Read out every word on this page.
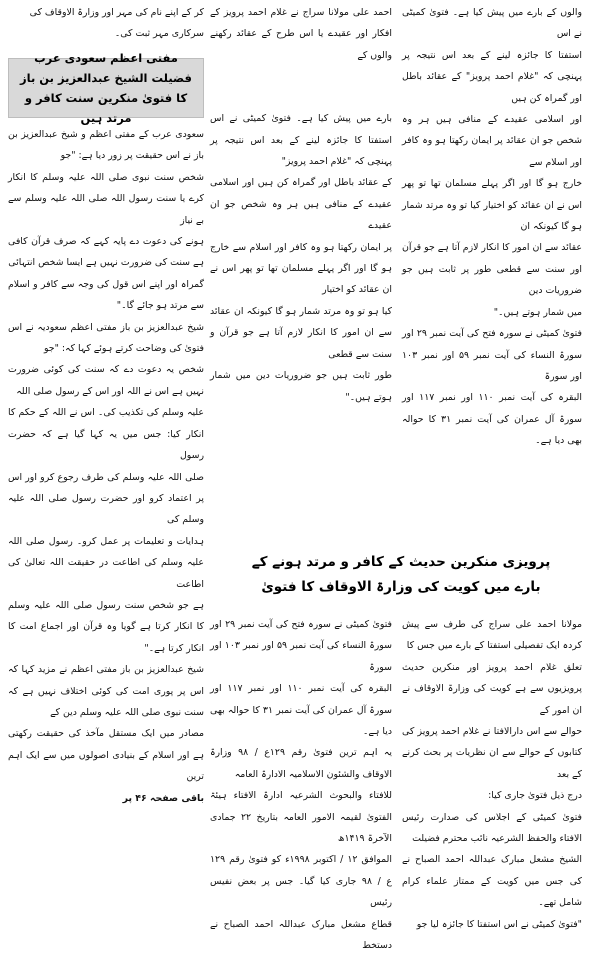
والوں کے بارے میں پیش کیا ہے۔ فتویٰ کمیٹی نے اس

استفتا کا جائزہ لینے کے بعد اس نتیجہ پر پہنچی کہ "غلام احمد پرویز" کے عقائد باطل اور گمراہ کن ہیں

اور اسلامی عقیدے کے منافی ہیں ہر وہ شخص جو ان عقائد پر ایمان رکھتا ہو وہ کافر اور اسلام سے

خارج ہو گا اور اگر پہلے مسلمان تھا تو پھر اس نے ان عقائد کو اختیار کیا تو وہ مرتد شمار ہو گا کیونکہ ان

عقائد سے ان امور کا انکار لازم آتا ہے جو قرآن اور سنت سے قطعی طور پر ثابت ہیں جو ضروریات دین

میں شمار ہوتے ہیں۔"

فتویٰ کمیٹی نے سورہ فتح کی آیت نمبر ۲۹ اور سورۃ النساء کی آیت نمبر ۵۹ اور نمبر ۱۰۳ اور سورۃ

البقرہ کی آیت نمبر ۱۱۰ اور نمبر ۱۱۷ اور سورۃ آل عمران کی آیت نمبر ۳۱ کا حوالہ بھی دیا ہے۔

احمد علی مولانا سراج نے غلام احمد پرویز کے افکار اور عقیدے یا اس طرح کے عقائد رکھنے والوں کے

بارے میں پیش کیا ہے۔ فتویٰ کمیٹی نے اس استفتا کا جائزہ لینے کے بعد اس نتیجہ پر پہنچی کہ "غلام احمد پرویز"

کے عقائد باطل اور گمراہ کن ہیں اور اسلامی عقیدے کے منافی ہیں ہر وہ شخص جو ان عقیدے

پر ایمان رکھتا ہو وہ کافر اور اسلام سے خارج ہو گا اور اگر پہلے مسلمان تھا تو پھر اس نے ان عقائد کو اختیار

کیا ہو تو وہ مرتد شمار ہو گا کیونکہ ان عقائد سے ان امور کا انکار لازم آتا ہے جو قرآن و سنت سے قطعی

طور ثابت ہیں جو ضروریات دین میں شمار ہوتے ہیں۔"

کر کے اپنے نام کی مہر اور وزارۃ الاوقاف کی

سرکاری مہر ثبت کی۔

مفتی اعظم سعودی عرب فضیلت الشیخ عبدالعزیز بن باز کا فتویٰ منکرین سنت کافر و مرتد ہیں

سعودی عرب کے مفتی اعظم و شیخ عبدالعزیز بن باز نے اس حقیقت پر زور دیا ہے: "جو

شخص سنت نبوی صلی اللہ علیہ وسلم کا انکار کرے یا سنت رسول اللہ صلی اللہ علیہ وسلم سے بے نیاز

ہونے کی دعوت دے پایہ کہے کہ صرف قرآن کافی ہے سنت کی ضرورت نہیں ہے ایسا شخص انتہائی

گمراہ اور اپنے اس قول کی وجہ سے کافر و اسلام سے مرتد ہو جائے گا۔"

شیخ عبدالعزیز بن باز مفتی اعظم سعودیہ نے اس فتویٰ کی وضاحت کرتے ہوئے کہا کہ: "جو

شخص یہ دعوت دے کہ سنت کی کوئی ضرورت نہیں ہے اس نے اللہ اور اس کے رسول صلی اللہ

علیہ وسلم کی تکذیب کی۔ اس نے اللہ کے حکم کا انکار کیا: جس میں یہ کہا گیا ہے کہ حضرت رسول

صلی اللہ علیہ وسلم کی طرف رجوع کرو اور اس پر اعتماد کرو اور حضرت رسول صلی اللہ علیہ وسلم کی

ہدایات و تعلیمات پر عمل کرو۔ رسول صلی اللہ علیہ وسلم کی اطاعت در حقیقت اللہ تعالیٰ کی اطاعت

ہے جو شخص سنت رسول صلی اللہ علیہ وسلم کا انکار کرتا ہے گویا وہ قرآن اور اجماع امت کا انکار کرتا ہے۔"

شیخ عبدالعزیز بن باز مفتی اعظم نے مزید کہا کہ اس پر پوری امت کی کوئی اختلاف نہیں ہے کہ سنت نبوی صلی اللہ علیہ وسلم دین کے

مصادر میں ایک مستقل مآخذ کی حقیقت رکھتی ہے اور اسلام کے بنیادی اصولوں میں سے ایک اہم ترین

باقی صفحہ ۴۶ پر

پرویزی منکرین حدیث کے کافر و مرتد ہونے کے بارے میں کویت کی وزارۃ الاوقاف کا فتویٰ

مولانا احمد علی سراج کی طرف سے پیش کردہ ایک تفصیلی استفتا کے بارے میں جس کا

تعلق غلام احمد پرویز اور منکرین حدیث پرویزیوں سے ہے کویت کی وزارۃ الاوقاف نے ان امور کے

حوالے سے اس دارالافتا نے غلام احمد پرویز کی کتابوں کے حوالے سے ان نظریات پر بحث کرنے کے بعد

درج ذیل فتویٰ جاری کیا:

فتویٰ کمیٹی کے اجلاس کی صدارت رئیس الافتاء والحفظ الشرعیہ نائب محترم فضیلت

الشیخ مشعل مبارک عبداللہ احمد الصباح نے کی جس میں کویت کے ممتاز علماء کرام شامل تھے۔

"فتویٰ کمیٹی نے اس استفتا کا جائزہ لیا جو

فتویٰ کمیٹی نے سورہ فتح کی آیت نمبر ۲۹ اور سورۃ النساء کی آیت نمبر ۵۹ اور نمبر ۱۰۳ اور سورۃ

البقرہ کی آیت نمبر ۱۱۰ اور نمبر ۱۱۷ اور سورۃ آل عمران کی آیت نمبر ۳۱ کا حوالہ بھی دیا ہے۔

یہ اہم ترین فتویٰ رقم ۱۲۹ع / ۹۸ وزارۃ الاوقاف والشئون الاسلامیہ الادارۃ العامہ

للافتاء والبحوث الشرعیہ ادارۃ الافتاء ہیئۃ الفتویٰ لقیمہ الامور العامہ بتاریخ ۲۲ جمادی الآخرۃ ۱۴۱۹ھ

الموافق ۱۲ / اکتوبر ۱۹۹۸ء کو فتویٰ رقم ۱۲۹ ع / ۹۸ جاری کیا گیا۔ جس پر بعض نفیس رئیس

قطاع مشعل مبارک عبداللہ احمد الصباح نے دستخط
